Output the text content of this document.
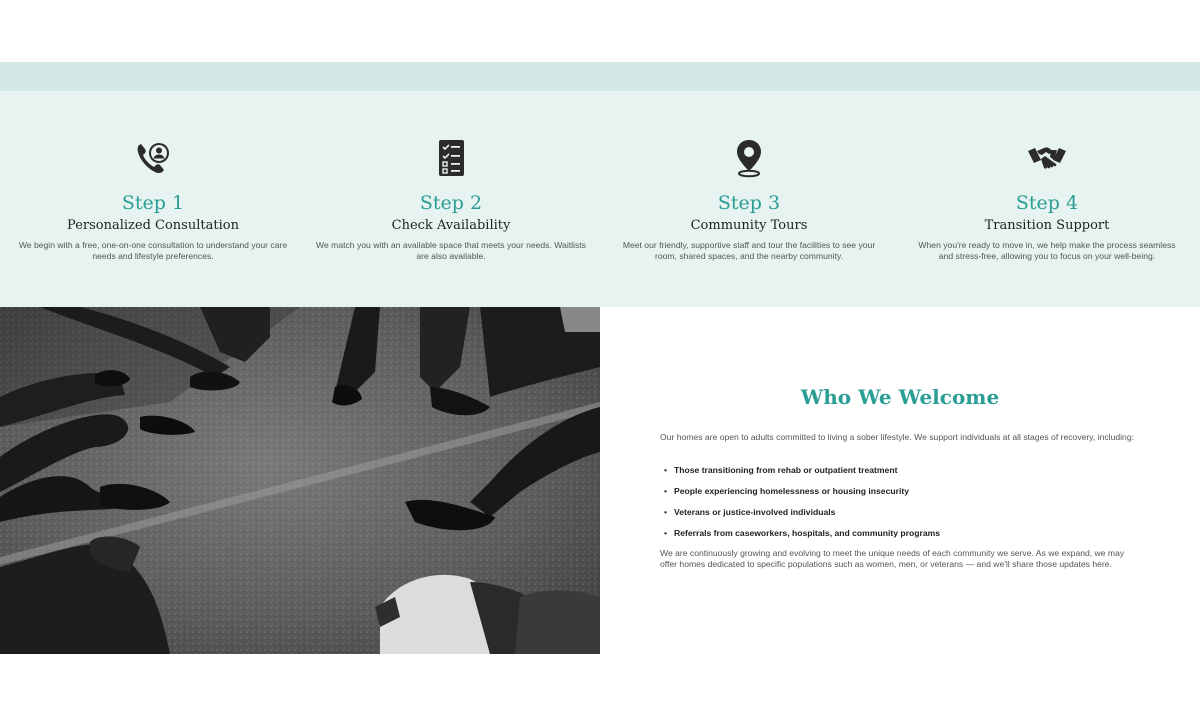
Step 1
Personalized Consultation
We begin with a free, one-on-one consultation to understand your care needs and lifestyle preferences.
Step 2
Check Availability
We match you with an available space that meets your needs. Waitlists are also available.
Step 3
Community Tours
Meet our friendly, supportive staff and tour the facilities to see your room, shared spaces, and the nearby community.
Step 4
Transition Support
When you're ready to move in, we help make the process seamless and stress-free, allowing you to focus on your well-being.
Who We Welcome

Our homes are open to adults committed to living a sober lifestyle. We support individuals at all stages of recovery, including:

• Those transitioning from rehab or outpatient treatment
• People experiencing homelessness or housing insecurity
• Veterans or justice-involved individuals
• Referrals from caseworkers, hospitals, and community programs

We are continuously growing and evolving to meet the unique needs of each community we serve. As we expand, we may offer homes dedicated to specific populations such as women, men, or veterans — and we'll share those updates here.
